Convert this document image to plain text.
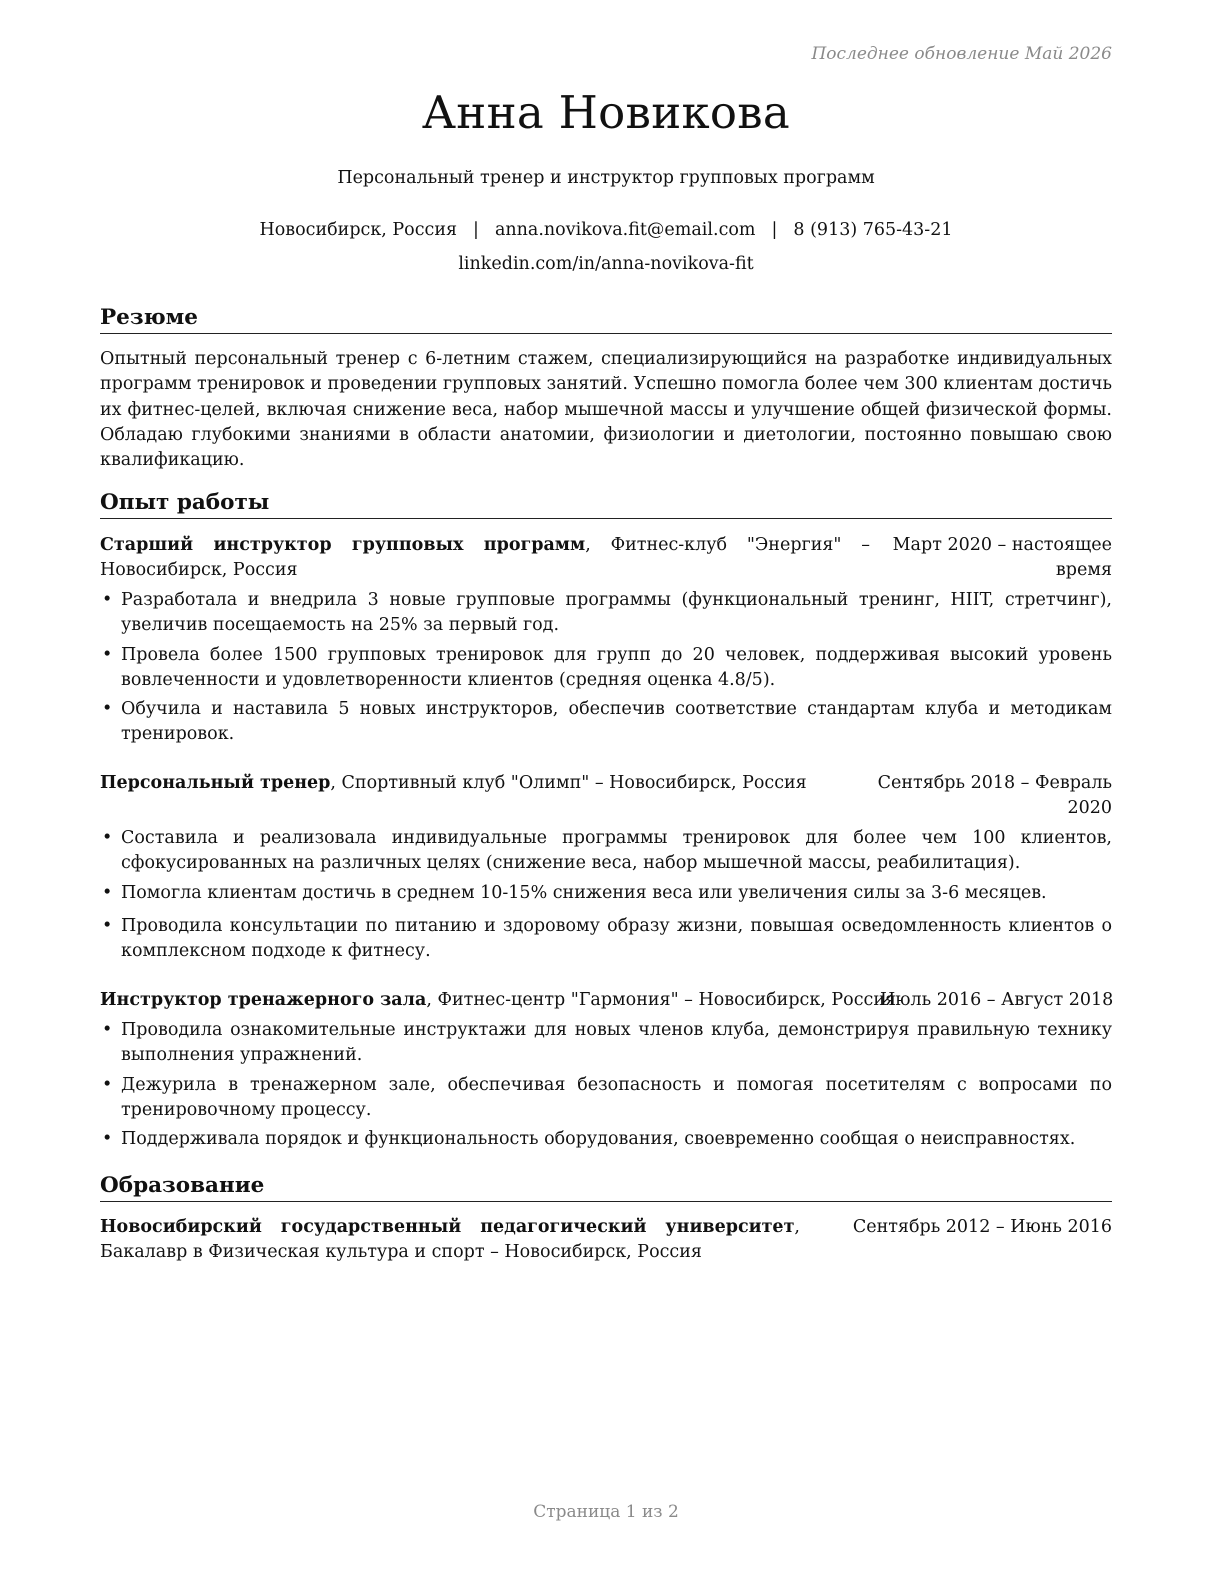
Последнее обновление Май 2026
Анна Новикова
Персональный тренер и инструктор групповых программ
Новосибирск, Россия | anna.novikova.fit@email.com | 8 (913) 765-43-21
linkedin.com/in/anna-novikova-fit
Резюме
Опытный персональный тренер с 6-летним стажем, специализирующийся на разработке индивидуальных программ тренировок и проведении групповых занятий. Успешно помогла более чем 300 клиентам достичь их фитнес-целей, включая снижение веса, набор мышечной массы и улучшение общей физической формы. Обладаю глубокими знаниями в области анатомии, физиологии и диетологии, постоянно повышаю свою квалификацию.
Опыт работы
Старший инструктор групповых программ, Фитнес-клуб "Энергия" – Новосибирск, Россия
Март 2020 – настоящее время
• Разработала и внедрила 3 новые групповые программы (функциональный тренинг, HIIT, стретчинг), увеличив посещаемость на 25% за первый год.
• Провела более 1500 групповых тренировок для групп до 20 человек, поддерживая высокий уровень вовлеченности и удовлетворенности клиентов (средняя оценка 4.8/5).
• Обучила и наставила 5 новых инструкторов, обеспечив соответствие стандартам клуба и методикам тренировок.
Персональный тренер, Спортивный клуб "Олимп" – Новосибирск, Россия	Сентябрь 2018 – Февраль 2020
• Составила и реализовала индивидуальные программы тренировок для более чем 100 клиентов, сфокусированных на различных целях (снижение веса, набор мышечной массы, реабилитация).
• Помогла клиентам достичь в среднем 10-15% снижения веса или увеличения силы за 3-6 месяцев.
• Проводила консультации по питанию и здоровому образу жизни, повышая осведомленность клиентов о комплексном подходе к фитнесу.
Инструктор тренажерного зала, Фитнес-центр "Гармония" – Новосибирск, Россия
Июль 2016 – Август 2018
• Проводила ознакомительные инструктажи для новых членов клуба, демонстрируя правильную технику выполнения упражнений.
• Дежурила в тренажерном зале, обеспечивая безопасность и помогая посетителям с вопросами по тренировочному процессу.
• Поддерживала порядок и функциональность оборудования, своевременно сообщая о неисправностях.
Образование
Новосибирский государственный педагогический университет, Бакалавр в Физическая культура и спорт – Новосибирск, Россия
Сентябрь 2012 – Июнь 2016
Страница 1 из 2
